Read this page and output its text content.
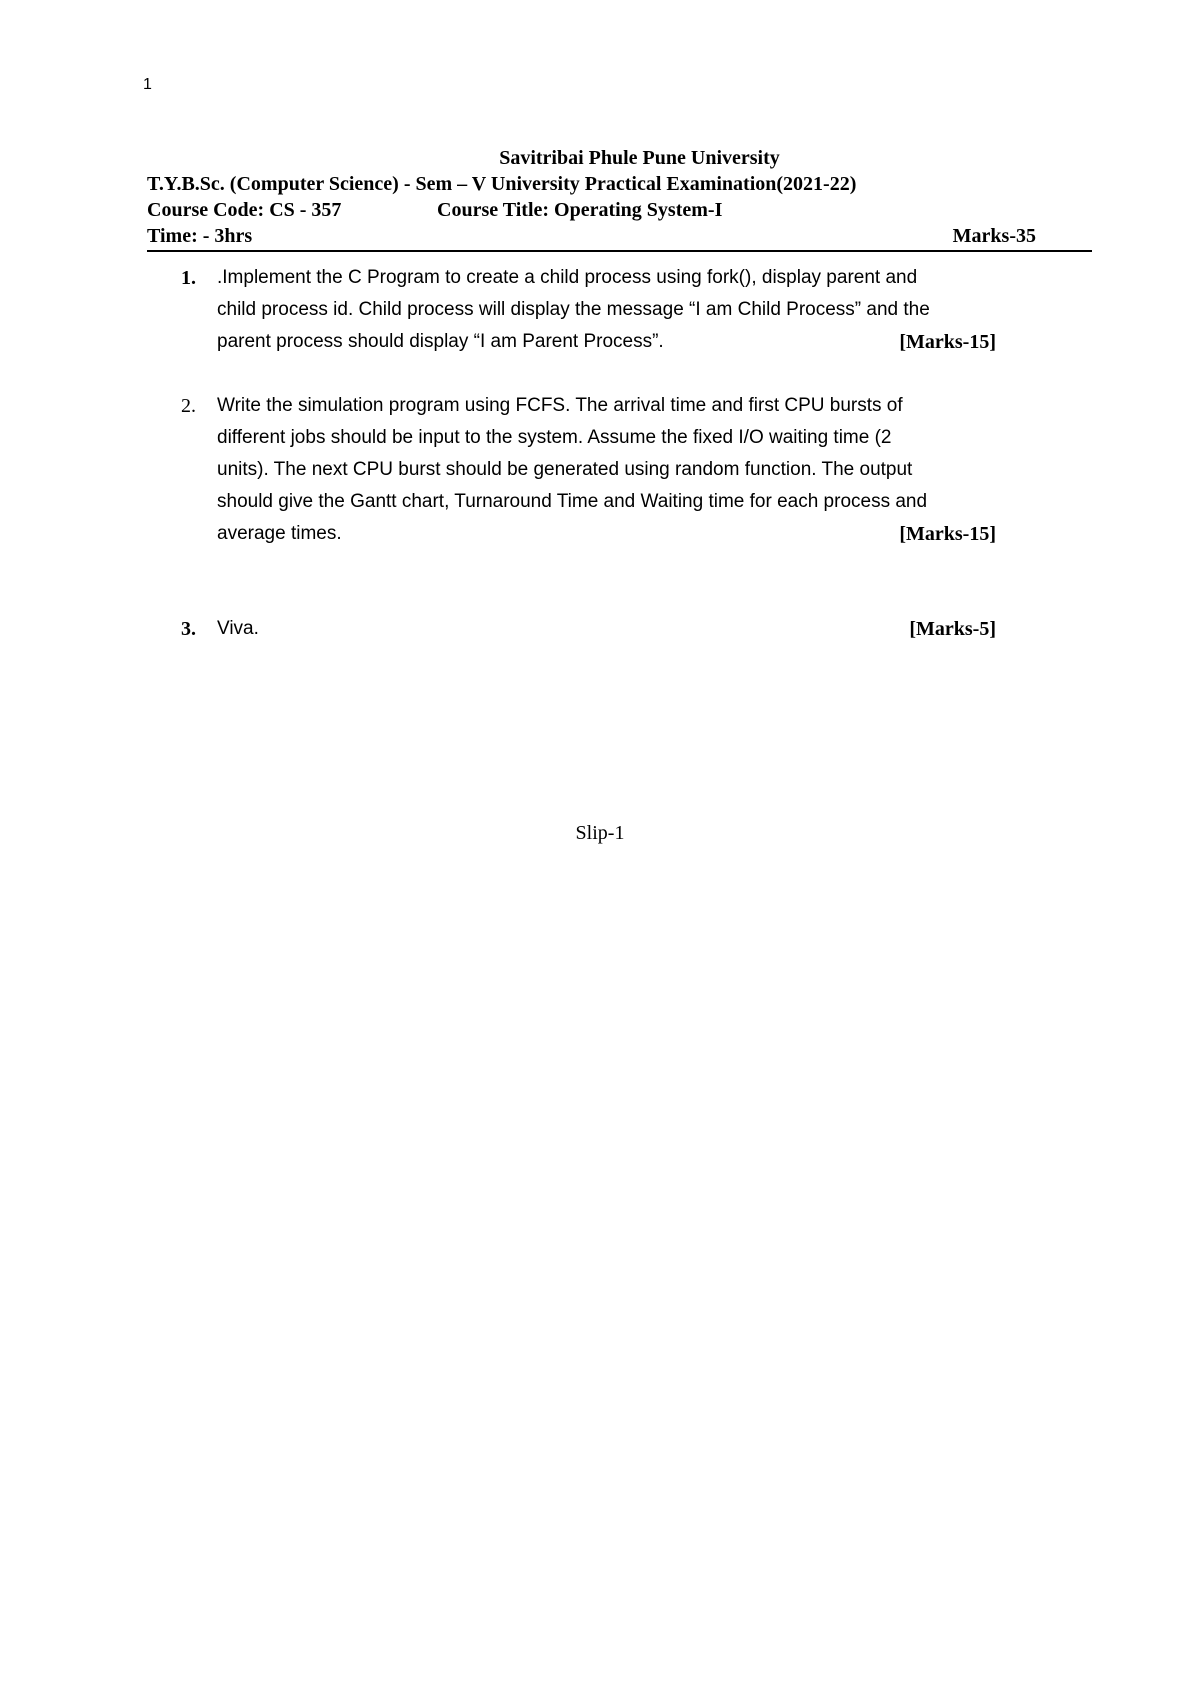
1
Savitribai Phule Pune University
T.Y.B.Sc. (Computer Science) - Sem – V University Practical Examination(2021-22)
Course Code: CS - 357	Course Title: Operating System-I
Time: - 3hrs	Marks-35
1. .Implement the C Program to create a child process using fork(), display parent and
child process id. Child process will display the message “I am Child Process” and the
parent process should display “I am Parent Process”.	[Marks-15]
2. Write the simulation program using FCFS. The arrival time and first CPU bursts of
different jobs should be input to the system. Assume the fixed I/O waiting time (2
units). The next CPU burst should be generated using random function. The output
should give the Gantt chart, Turnaround Time and Waiting time for each process and
average times.	[Marks-15]
3. Viva.	[Marks-5]
Slip-1
